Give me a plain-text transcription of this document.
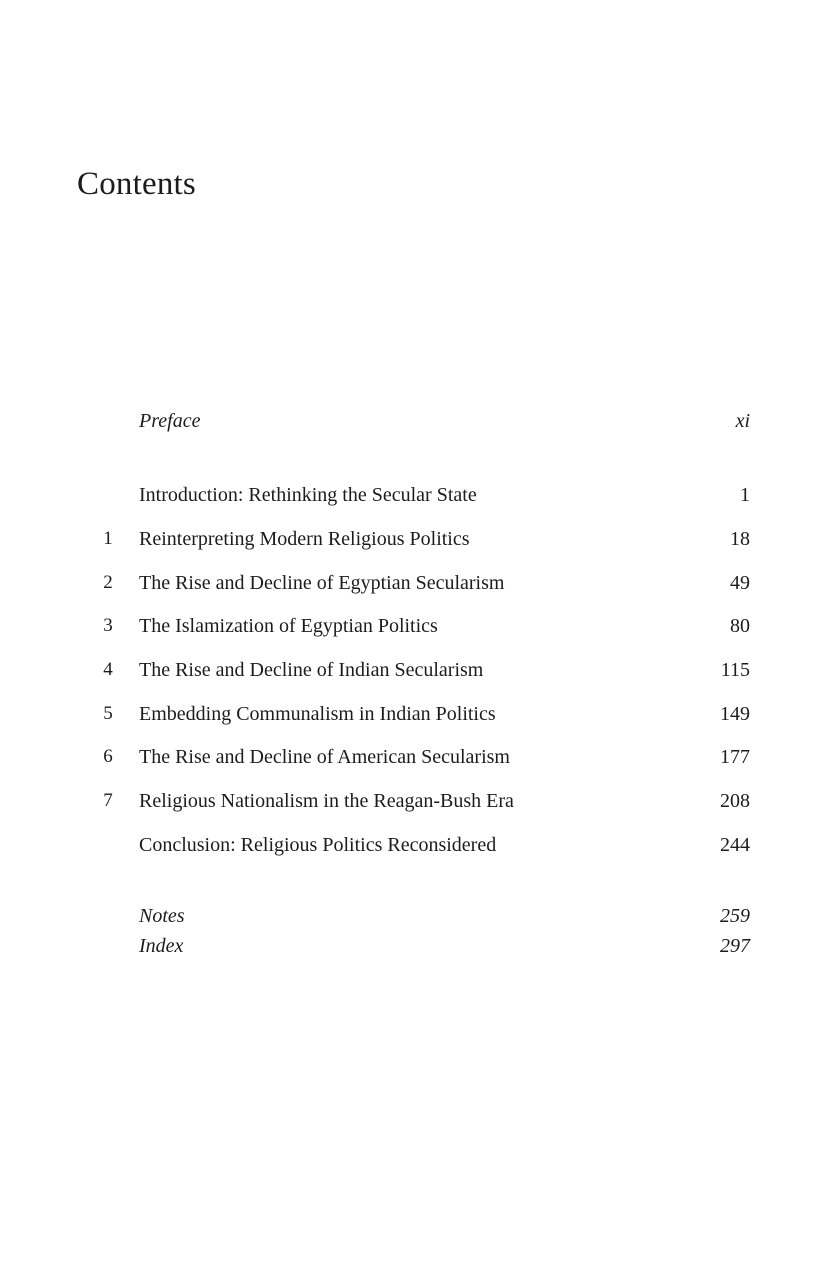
Contents
Preface	xi
Introduction: Rethinking the Secular State	1
1	Reinterpreting Modern Religious Politics	18
2	The Rise and Decline of Egyptian Secularism	49
3	The Islamization of Egyptian Politics	80
4	The Rise and Decline of Indian Secularism	115
5	Embedding Communalism in Indian Politics	149
6	The Rise and Decline of American Secularism	177
7	Religious Nationalism in the Reagan-Bush Era	208
Conclusion: Religious Politics Reconsidered	244
Notes	259
Index	297
